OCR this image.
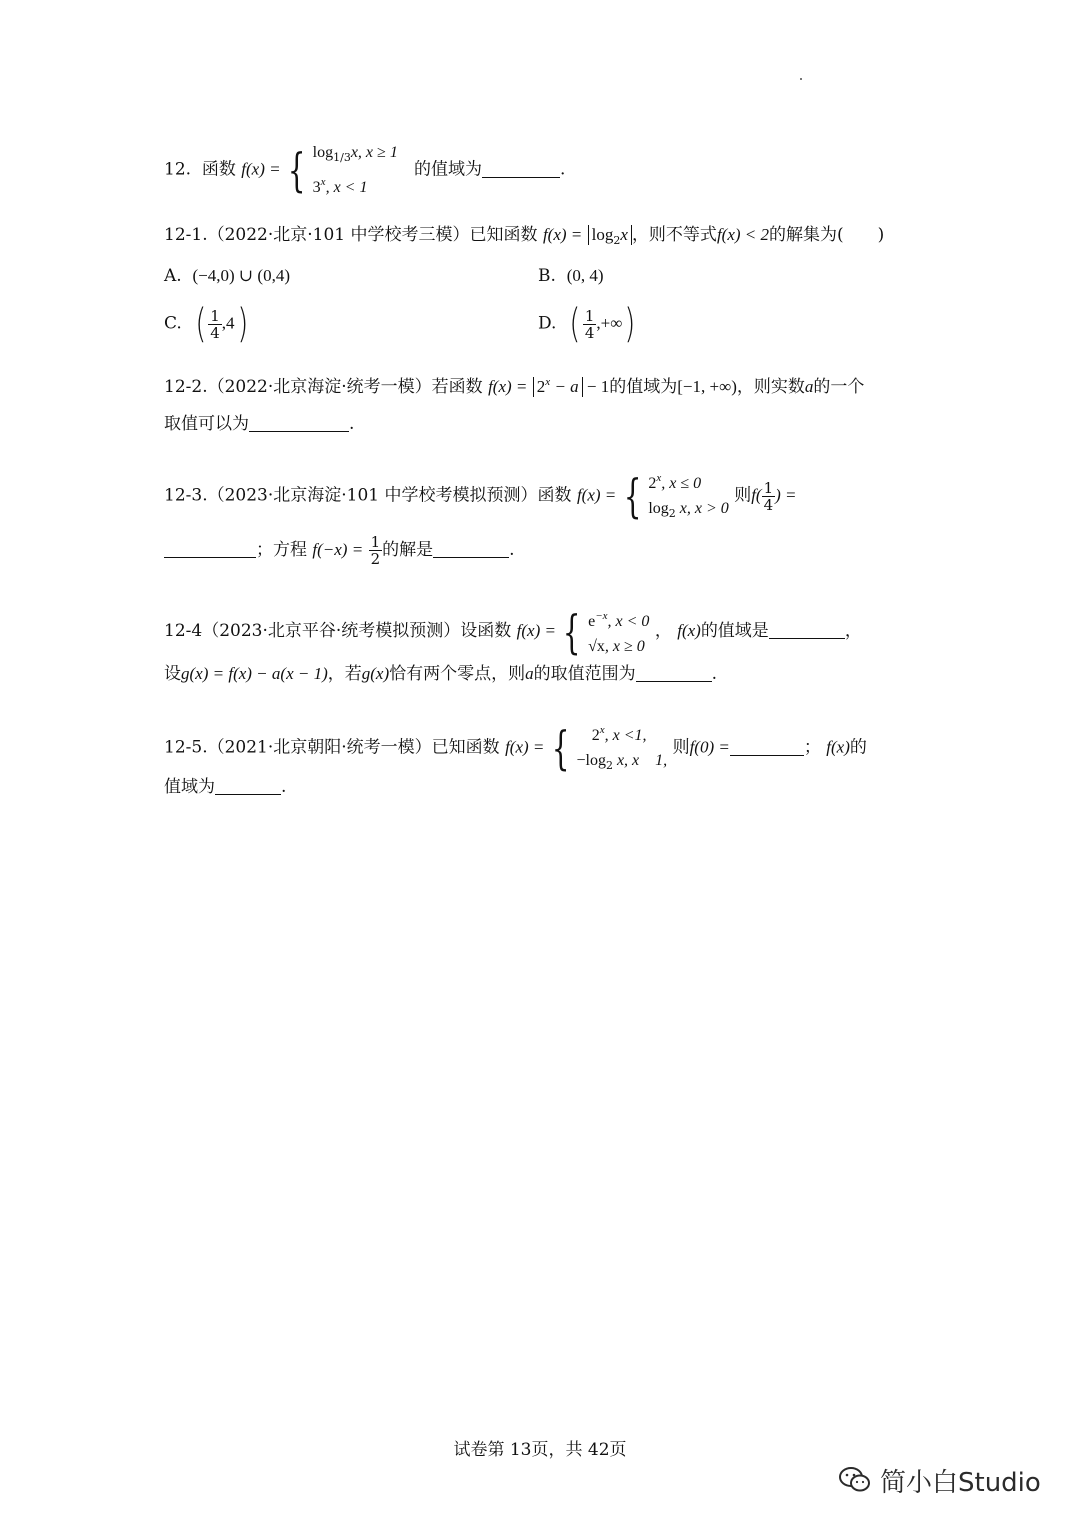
12. 函数 f(x) = { $\log_{1/3}x$, x ≥ 1
3$^x$, x < 1
的值域为	.
12-1.（2022·北京·101 中学校考三模）已知函数 $f(x) = \log_2x$ ，则不等式f(x) < 2的解集为(　　)
A. (−4,0) ∪ (0,4)	B. (0, 4)
C. ( $\frac{1}{4} ,4$)	D. ( $\frac{1}{4}$ ,+∞)
12-2.（2022·北京海淀·统考一模）若函数 $f(x) = 2^x - a - 1$的值域为[−1, +∞)，则实数a的一个
取值可以为	.
12-3.（2023·北京海淀·101 中学校考模拟预测）函数 f(x) = { 2$^x$, x ≤ 0
$\log_2 x$, x > 0
则$f( \frac{1}{4}$ ) =
；方程 $f(-x) = \frac{1}{2}$ 的解是	.
12-4（2023·北京平谷·统考模拟预测）设函数 f(x) = { $e^{-x}$, x < 0
√x, x ≥ 0
， f(x)的值域是	，
设g(x) = f(x) − a(x − 1)，若g(x)恰有两个零点，则a的取值范围为	.
12-5.（2021·北京朝阳·统考一模）已知函数 f(x) = {	2$^x$, x <1,
$-\log_2$ x, x　1,
则f(0) =	； f(x)的
值域为	.
试卷第 13页，共 42页
简小白Studio
